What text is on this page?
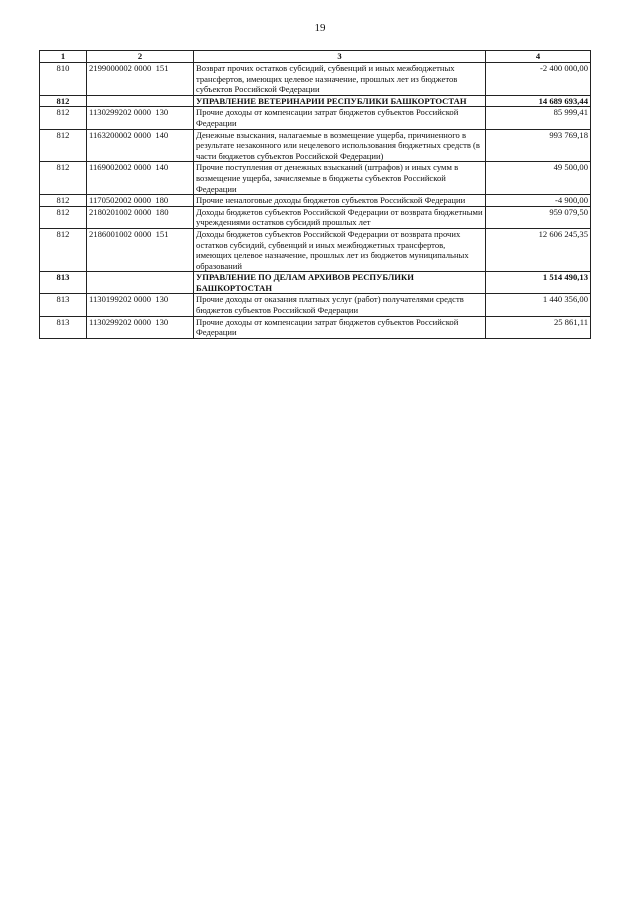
19
1	2	3	4
810	2199000002 0000  151	Возврат прочих остатков субсидий, субвенций и иных межбюджетных трансфертов, имеющих целевое назначение, прошлых лет из бюджетов субъектов Российской Федерации	-2 400 000,00
812		УПРАВЛЕНИЕ ВЕТЕРИНАРИИ РЕСПУБЛИКИ БАШКОРТОСТАН	14 689 693,44
812	1130299202 0000  130	Прочие доходы от компенсации затрат бюджетов субъектов Российской Федерации	85 999,41
812	1163200002 0000  140	Денежные взыскания, налагаемые в возмещение ущерба, причиненного в результате незаконного или нецелевого использования бюджетных средств (в части бюджетов субъектов Российской Федерации)	993 769,18
812	1169002002 0000  140	Прочие поступления от денежных взысканий (штрафов) и иных сумм в возмещение ущерба, зачисляемые в бюджеты субъектов Российской Федерации	49 500,00
812	1170502002 0000  180	Прочие неналоговые доходы бюджетов субъектов Российской Федерации	-4 900,00
812	2180201002 0000  180	Доходы бюджетов субъектов Российской Федерации от возврата бюджетными учреждениями остатков субсидий прошлых лет	959 079,50
812	2186001002 0000  151	Доходы бюджетов субъектов Российской Федерации от возврата прочих остатков субсидий, субвенций и иных межбюджетных трансфертов, имеющих целевое назначение, прошлых лет из бюджетов муниципальных образований	12 606 245,35
813		УПРАВЛЕНИЕ ПО ДЕЛАМ АРХИВОВ РЕСПУБЛИКИ БАШКОРТОСТАН	1 514 490,13
813	1130199202 0000  130	Прочие доходы от оказания платных услуг (работ) получателями средств бюджетов субъектов Российской Федерации	1 440 356,00
813	1130299202 0000  130	Прочие доходы от компенсации затрат бюджетов субъектов Российской Федерации	25 861,11
